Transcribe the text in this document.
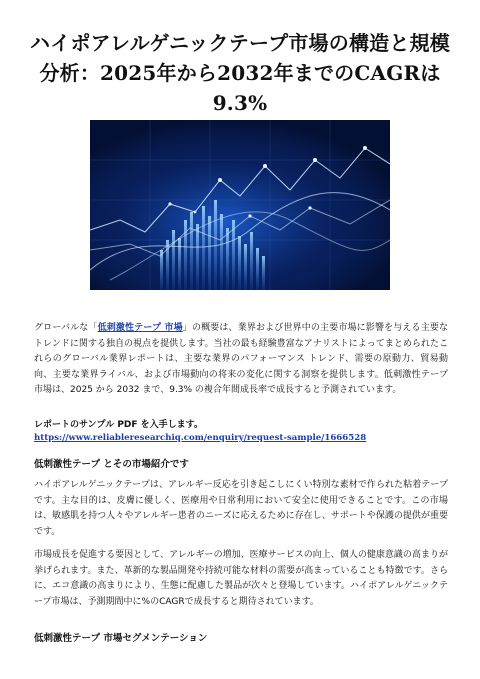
ハイポアレルゲニックテープ市場の構造と規模
分析：2025年から2032年までのCAGRは9.3%
グローバルな「低刺激性テープ 市場」の概要は、業界および世界中の主要市場に影響を与える主要なトレンドに関する独自の視点を提供します。当社の最も経験豊富なアナリストによってまとめられたこれらのグローバル業界レポートは、主要な業界のパフォーマンス トレンド、需要の原動力、貿易動向、主要な業界ライバル、および市場動向の将来の変化に関する洞察を提供します。低刺激性テープ 市場は、2025 から 2032 まで、9.3% の複合年間成長率で成長すると予測されています。
レポートのサンプル PDF を入手します。 https://www.reliableresearchiq.com/enquiry/request-sample/1666528
低刺激性テープ とその市場紹介です
ハイポアレルゲニックテープは、アレルギー反応を引き起こしにくい特別な素材で作られた粘着テープです。主な目的は、皮膚に優しく、医療用や日常利用において安全に使用できることです。この市場は、敏感肌を持つ人々やアレルギー患者のニーズに応えるために存在し、サポートや保護の提供が重要です。
市場成長を促進する要因として、アレルギーの増加、医療サービスの向上、個人の健康意識の高まりが挙げられます。また、革新的な製品開発や持続可能な材料の需要が高まっていることも特徴です。さらに、エコ意識の高まりにより、生態に配慮した製品が次々と登場しています。ハイポアレルゲニックテープ市場は、予測期間中に%のCAGRで成長すると期待されています。
低刺激性テープ 市場セグメンテーション
